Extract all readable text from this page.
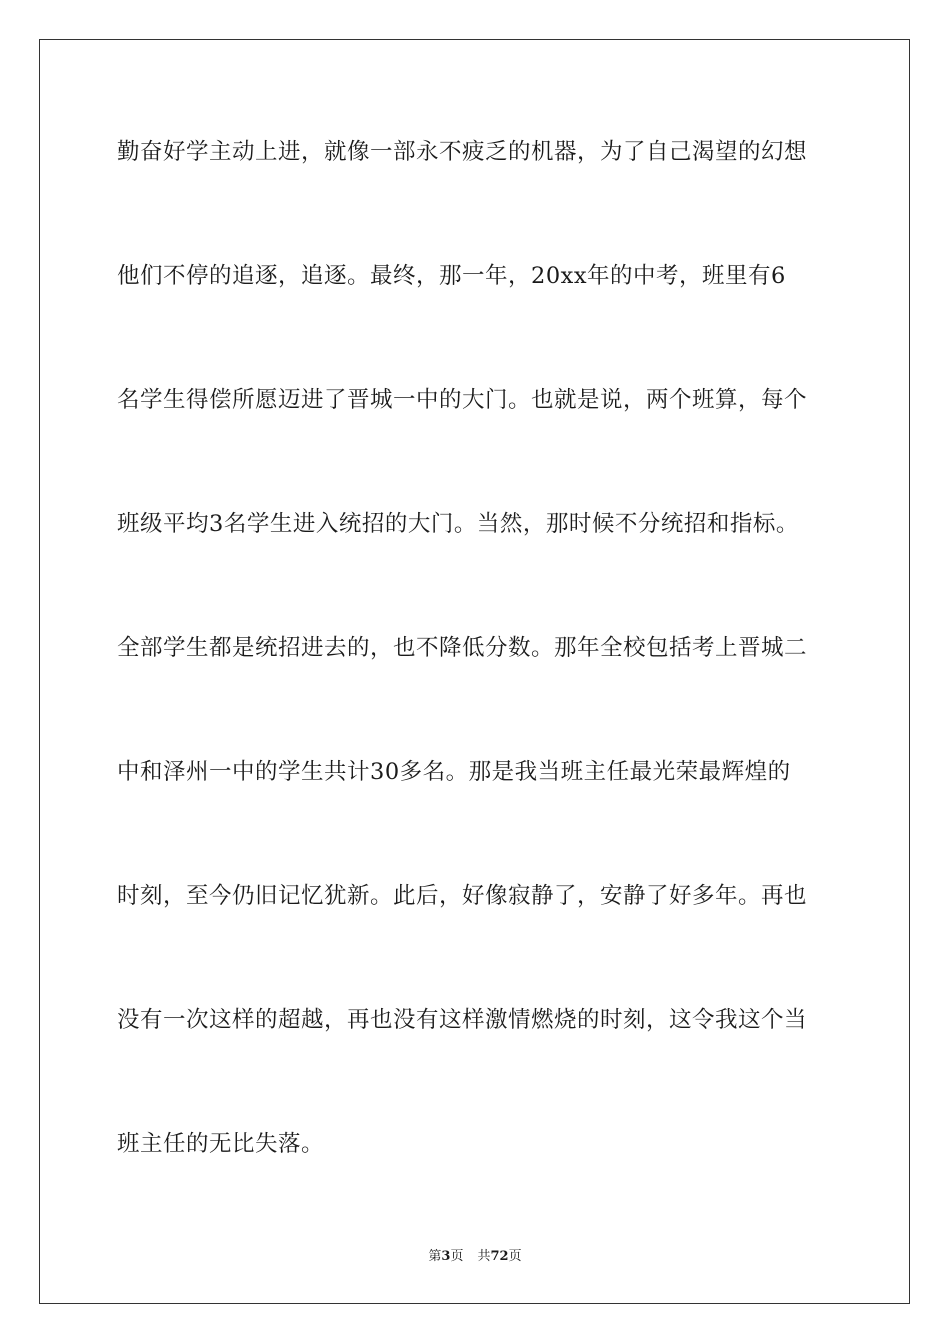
勤奋好学主动上进，就像一部永不疲乏的机器，为了自己渴望的幻想
他们不停的追逐，追逐。最终，那一年，20xx年的中考，班里有6
名学生得偿所愿迈进了晋城一中的大门。也就是说，两个班算，每个
班级平均3名学生进入统招的大门。当然，那时候不分统招和指标。
全部学生都是统招进去的，也不降低分数。那年全校包括考上晋城二
中和泽州一中的学生共计30多名。那是我当班主任最光荣最辉煌的
时刻，至今仍旧记忆犹新。此后，好像寂静了，安静了好多年。再也
没有一次这样的超越，再也没有这样激情燃烧的时刻，这令我这个当
班主任的无比失落。
第3页 共72页
